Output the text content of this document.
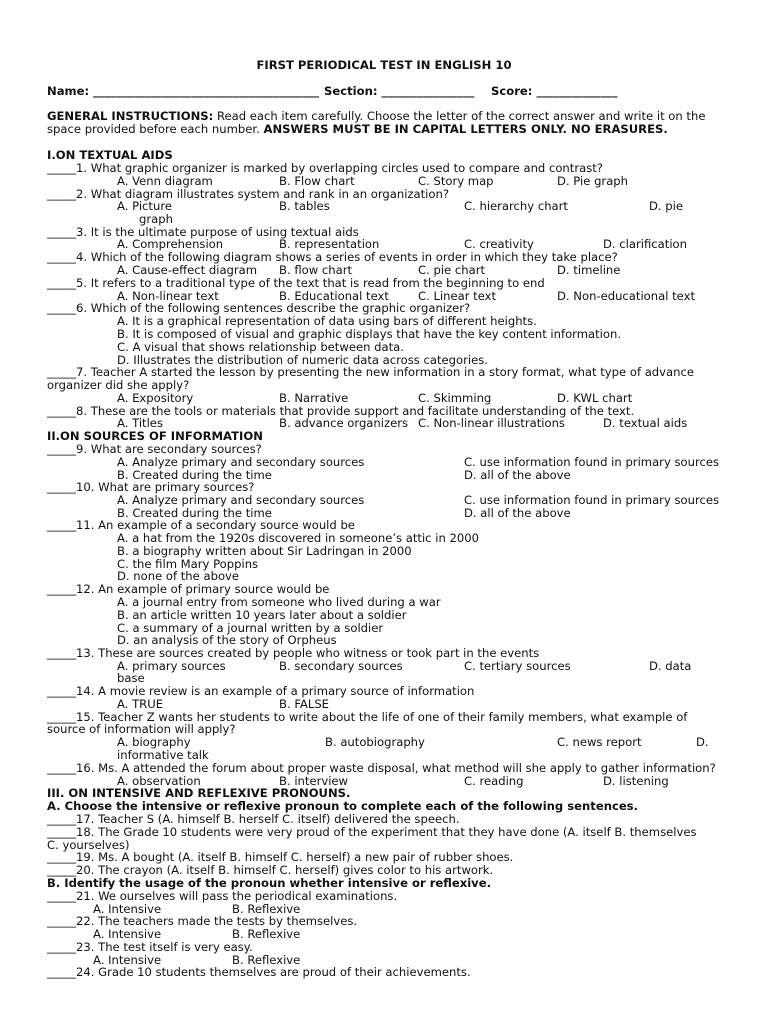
FIRST PERIODICAL TEST IN ENGLISH 10
Name: _______________________________________ Section: ________________ Score: ______________
GENERAL INSTRUCTIONS: Read each item carefully. Choose the letter of the correct answer and write it on the
space provided before each number. ANSWERS MUST BE IN CAPITAL LETTERS ONLY. NO ERASURES.
I.ON TEXTUAL AIDS
_____1. What graphic organizer is marked by overlapping circles used to compare and contrast?
A. Venn diagram	B. Flow chart	C. Story map	D. Pie graph
_____2. What diagram illustrates system and rank in an organization?
A. Picture	B. tables	C. hierarchy chart	D. pie
graph
_____3. It is the ultimate purpose of using textual aids
A. Comprehension	B. representation	C. creativity	D. clarification
_____4. Which of the following diagram shows a series of events in order in which they take place?
A. Cause-effect diagram B. flow chart	C. pie chart	D. timeline
_____5. It refers to a traditional type of the text that is read from the beginning to end
A. Non-linear text	B. Educational text	C. Linear text	D. Non-educational text
_____6. Which of the following sentences describe the graphic organizer?
A. It is a graphical representation of data using bars of different heights.
B. It is composed of visual and graphic displays that have the key content information.
C. A visual that shows relationship between data.
D. Illustrates the distribution of numeric data across categories.
_____7. Teacher A started the lesson by presenting the new information in a story format, what type of advance
organizer did she apply?
A. Expository	B. Narrative	C. Skimming	D. KWL chart
_____8. These are the tools or materials that provide support and facilitate understanding of the text.
A. Titles	B. advance organizers C. Non-linear illustrations	D. textual aids
II.ON SOURCES OF INFORMATION
_____9. What are secondary sources?
A. Analyze primary and secondary sources	C. use information found in primary sources
B. Created during the time	D. all of the above
_____10. What are primary sources?
A. Analyze primary and secondary sources	C. use information found in primary sources
B. Created during the time	D. all of the above
_____11. An example of a secondary source would be
A. a hat from the 1920s discovered in someone’s attic in 2000
B. a biography written about Sir Ladringan in 2000
C. the film Mary Poppins
D. none of the above
_____12. An example of primary source would be
A. a journal entry from someone who lived during a war
B. an article written 10 years later about a soldier
C. a summary of a journal written by a soldier
D. an analysis of the story of Orpheus
_____13. These are sources created by people who witness or took part in the events
A. primary sources	B. secondary sources	C. tertiary sources	D. data
base
_____14. A movie review is an example of a primary source of information
A. TRUE	B. FALSE
_____15. Teacher Z wants her students to write about the life of one of their family members, what example of
source of information will apply?
A. biography	B. autobiography	C. news report	D.
informative talk
_____16. Ms. A attended the forum about proper waste disposal, what method will she apply to gather information?
A. observation	B. interview	C. reading	D. listening
III. ON INTENSIVE AND REFLEXIVE PRONOUNS.
A. Choose the intensive or reflexive pronoun to complete each of the following sentences.
_____17. Teacher S (A. himself B. herself C. itself) delivered the speech.
_____18. The Grade 10 students were very proud of the experiment that they have done (A. itself B. themselves
C. yourselves)
_____19. Ms. A bought (A. itself B. himself C. herself) a new pair of rubber shoes.
_____20. The crayon (A. itself B. himself C. herself) gives color to his artwork.
B. Identify the usage of the pronoun whether intensive or reflexive.
_____21. We ourselves will pass the periodical examinations.
A. Intensive	B. Reflexive
_____22. The teachers made the tests by themselves.
A. Intensive	B. Reflexive
_____23. The test itself is very easy.
A. Intensive	B. Reflexive
_____24. Grade 10 students themselves are proud of their achievements.
